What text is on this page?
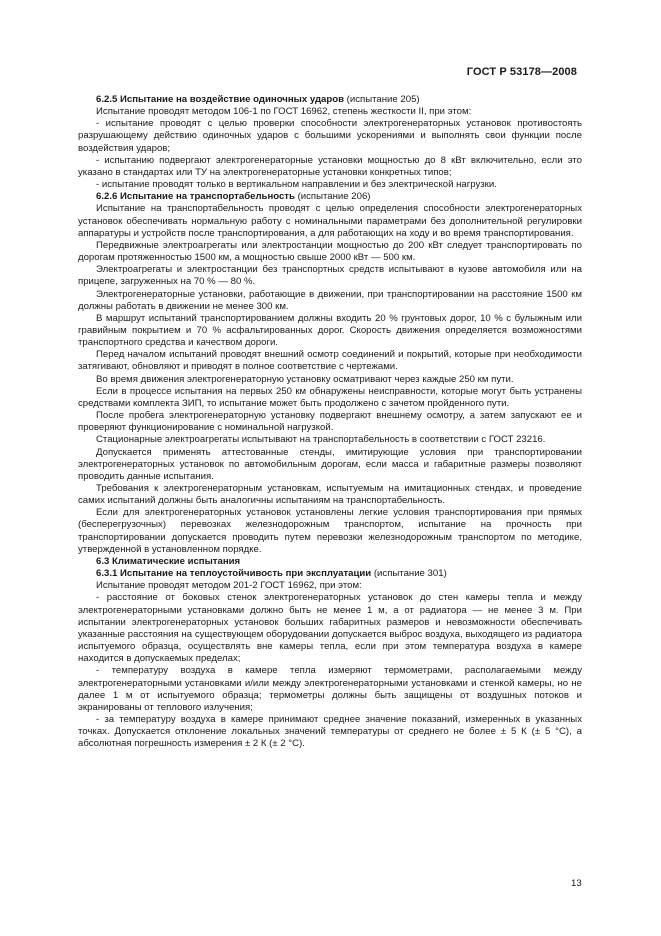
ГОСТ Р 53178—2008

6.2.5 Испытание на воздействие одиночных ударов (испытание 205)

Испытание проводят методом 106-1 по ГОСТ 16962, степень жесткости II, при этом:

- испытание проводят с целью проверки способности электрогенераторных установок противостоять разрушающему действию одиночных ударов с большими ускорениями и выполнять свои функции после воздействия ударов;

- испытанию подвергают электрогенераторные установки мощностью до 8 кВт включительно, если это указано в стандартах или ТУ на электрогенераторные установки конкретных типов;

- испытание проводят только в вертикальном направлении и без электрической нагрузки.

6.2.6 Испытание на транспортабельность (испытание 206)

Испытание на транспортабельность проводят с целью определения способности электрогенераторных установок обеспечивать нормальную работу с номинальными параметрами без дополнительной регулировки аппаратуры и устройств после транспортирования, а для работающих на ходу и во время транспортирования.

Передвижные электроагрегаты или электростанции мощностью до 200 кВт следует транспортировать по дорогам протяженностью 1500 км, а мощностью свыше 2000 кВт — 500 км.

Электроагрегаты и электростанции без транспортных средств испытывают в кузове автомобиля или на прицепе, загруженных на 70 % — 80 %.

Электрогенераторные установки, работающие в движении, при транспортировании на расстояние 1500 км должны работать в движении не менее 300 км.

В маршрут испытаний транспортированием должны входить 20 % грунтовых дорог, 10 % с булыжным или гравийным покрытием и 70 % асфальтированных дорог. Скорость движения определяется возможностями транспортного средства и качеством дороги.

Перед началом испытаний проводят внешний осмотр соединений и покрытий, которые при необходимости затягивают, обновляют и приводят в полное соответствие с чертежами.

Во время движения электрогенераторную установку осматривают через каждые 250 км пути.

Если в процессе испытания на первых 250 км обнаружены неисправности, которые могут быть устранены средствами комплекта ЗИП, то испытание может быть продолжено с зачетом пройденного пути.

После пробега электрогенераторную установку подвергают внешнему осмотру, а затем запускают ее и проверяют функционирование с номинальной нагрузкой.

Стационарные электроагрегаты испытывают на транспортабельность в соответствии с ГОСТ 23216.

Допускается применять аттестованные стенды, имитирующие условия при транспортировании электрогенераторных установок по автомобильным дорогам, если масса и габаритные размеры позволяют проводить данные испытания.

Требования к электрогенераторным установкам, испытуемым на имитационных стендах, и проведение самих испытаний должны быть аналогичны испытаниям на транспортабельность.

Если для электрогенераторных установок установлены легкие условия транспортирования при прямых (бесперегрузочных) перевозках железнодорожным транспортом, испытание на прочность при транспортировании допускается проводить путем перевозки железнодорожным транспортом по методике, утвержденной в установленном порядке.

6.3 Климатические испытания

6.3.1 Испытание на теплоустойчивость при эксплуатации (испытание 301)

Испытание проводят методом 201-2 ГОСТ 16962, при этом:

- расстояние от боковых стенок электрогенераторных установок до стен камеры тепла и между электрогенераторными установками должно быть не менее 1 м, а от радиатора — не менее 3 м. При испытании электрогенераторных установок больших габаритных размеров и невозможности обеспечивать указанные расстояния на существующем оборудовании допускается выброс воздуха, выходящего из радиатора испытуемого образца, осуществлять вне камеры тепла, если при этом температура воздуха в камере находится в допускаемых пределах;

- температуру воздуха в камере тепла измеряют термометрами, располагаемыми между электрогенераторными установками и/или между электрогенераторными установками и стенкой камеры, но не далее 1 м от испытуемого образца; термометры должны быть защищены от воздушных потоков и экранированы от теплового излучения;

- за температуру воздуха в камере принимают среднее значение показаний, измеренных в указанных точках. Допускается отклонение локальных значений температуры от среднего не более ± 5 К (± 5 °С), а абсолютная погрешность измерения ± 2 К (± 2 °С).

13
